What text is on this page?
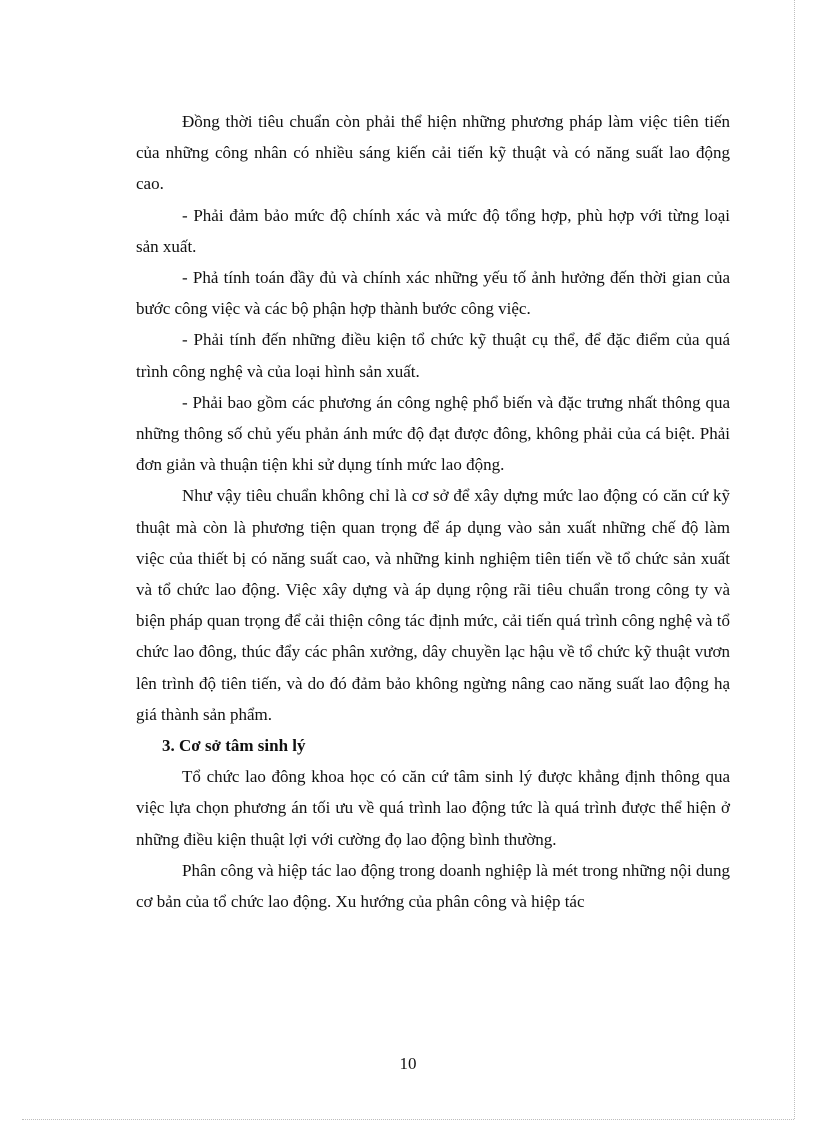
Đồng thời tiêu chuẩn còn phải thể hiện những phương pháp làm việc tiên tiến của những công nhân có nhiều sáng kiến cải tiến kỹ thuật và có năng suất lao động cao.

- Phải đảm bảo mức độ chính xác và mức độ tổng hợp, phù hợp với từng loại sản xuất.

- Phả tính toán đầy đủ và chính xác những yếu tố ảnh hưởng đến thời gian của bước công việc và các bộ phận hợp thành bước công việc.

- Phải tính đến những điều kiện tổ chức kỹ thuật cụ thể, để đặc điểm của quá trình công nghệ và của loại hình sản xuất.

- Phải bao gồm các phương án công nghệ phổ biến và đặc trưng nhất thông qua những thông số chủ yếu phản ánh mức độ đạt được đông, không phải của cá biệt. Phải đơn giản và thuận tiện khi sử dụng tính mức lao động.

Như vậy tiêu chuẩn không chỉ là cơ sở để xây dựng mức lao động có căn cứ kỹ thuật mà còn là phương tiện quan trọng để áp dụng vào sản xuất những chế độ làm việc của thiết bị có năng suất cao, và những kinh nghiệm tiên tiến về tổ chức sản xuất và tổ chức lao động. Việc xây dựng và áp dụng rộng rãi tiêu chuẩn trong công ty và biện pháp quan trọng để cải thiện công tác định mức, cải tiến quá trình công nghệ và tổ chức lao đông, thúc đẩy các phân xưởng, dây chuyền lạc hậu về tổ chức kỹ thuật vươn lên trình độ tiên tiến, và do đó đảm bảo không ngừng nâng cao năng suất lao động hạ giá thành sản phẩm.

3. Cơ sở tâm sinh lý

Tổ chức lao đông khoa học có căn cứ tâm sinh lý được khẳng định thông qua việc lựa chọn phương án tối ưu về quá trình lao động tức là quá trình được thể hiện ở những điều kiện thuật lợi với cường đọ lao động bình thường.

Phân công và hiệp tác lao động trong doanh nghiệp là mét trong những nội dung cơ bản của tổ chức lao động. Xu hướng của phân công và hiệp tác

10
